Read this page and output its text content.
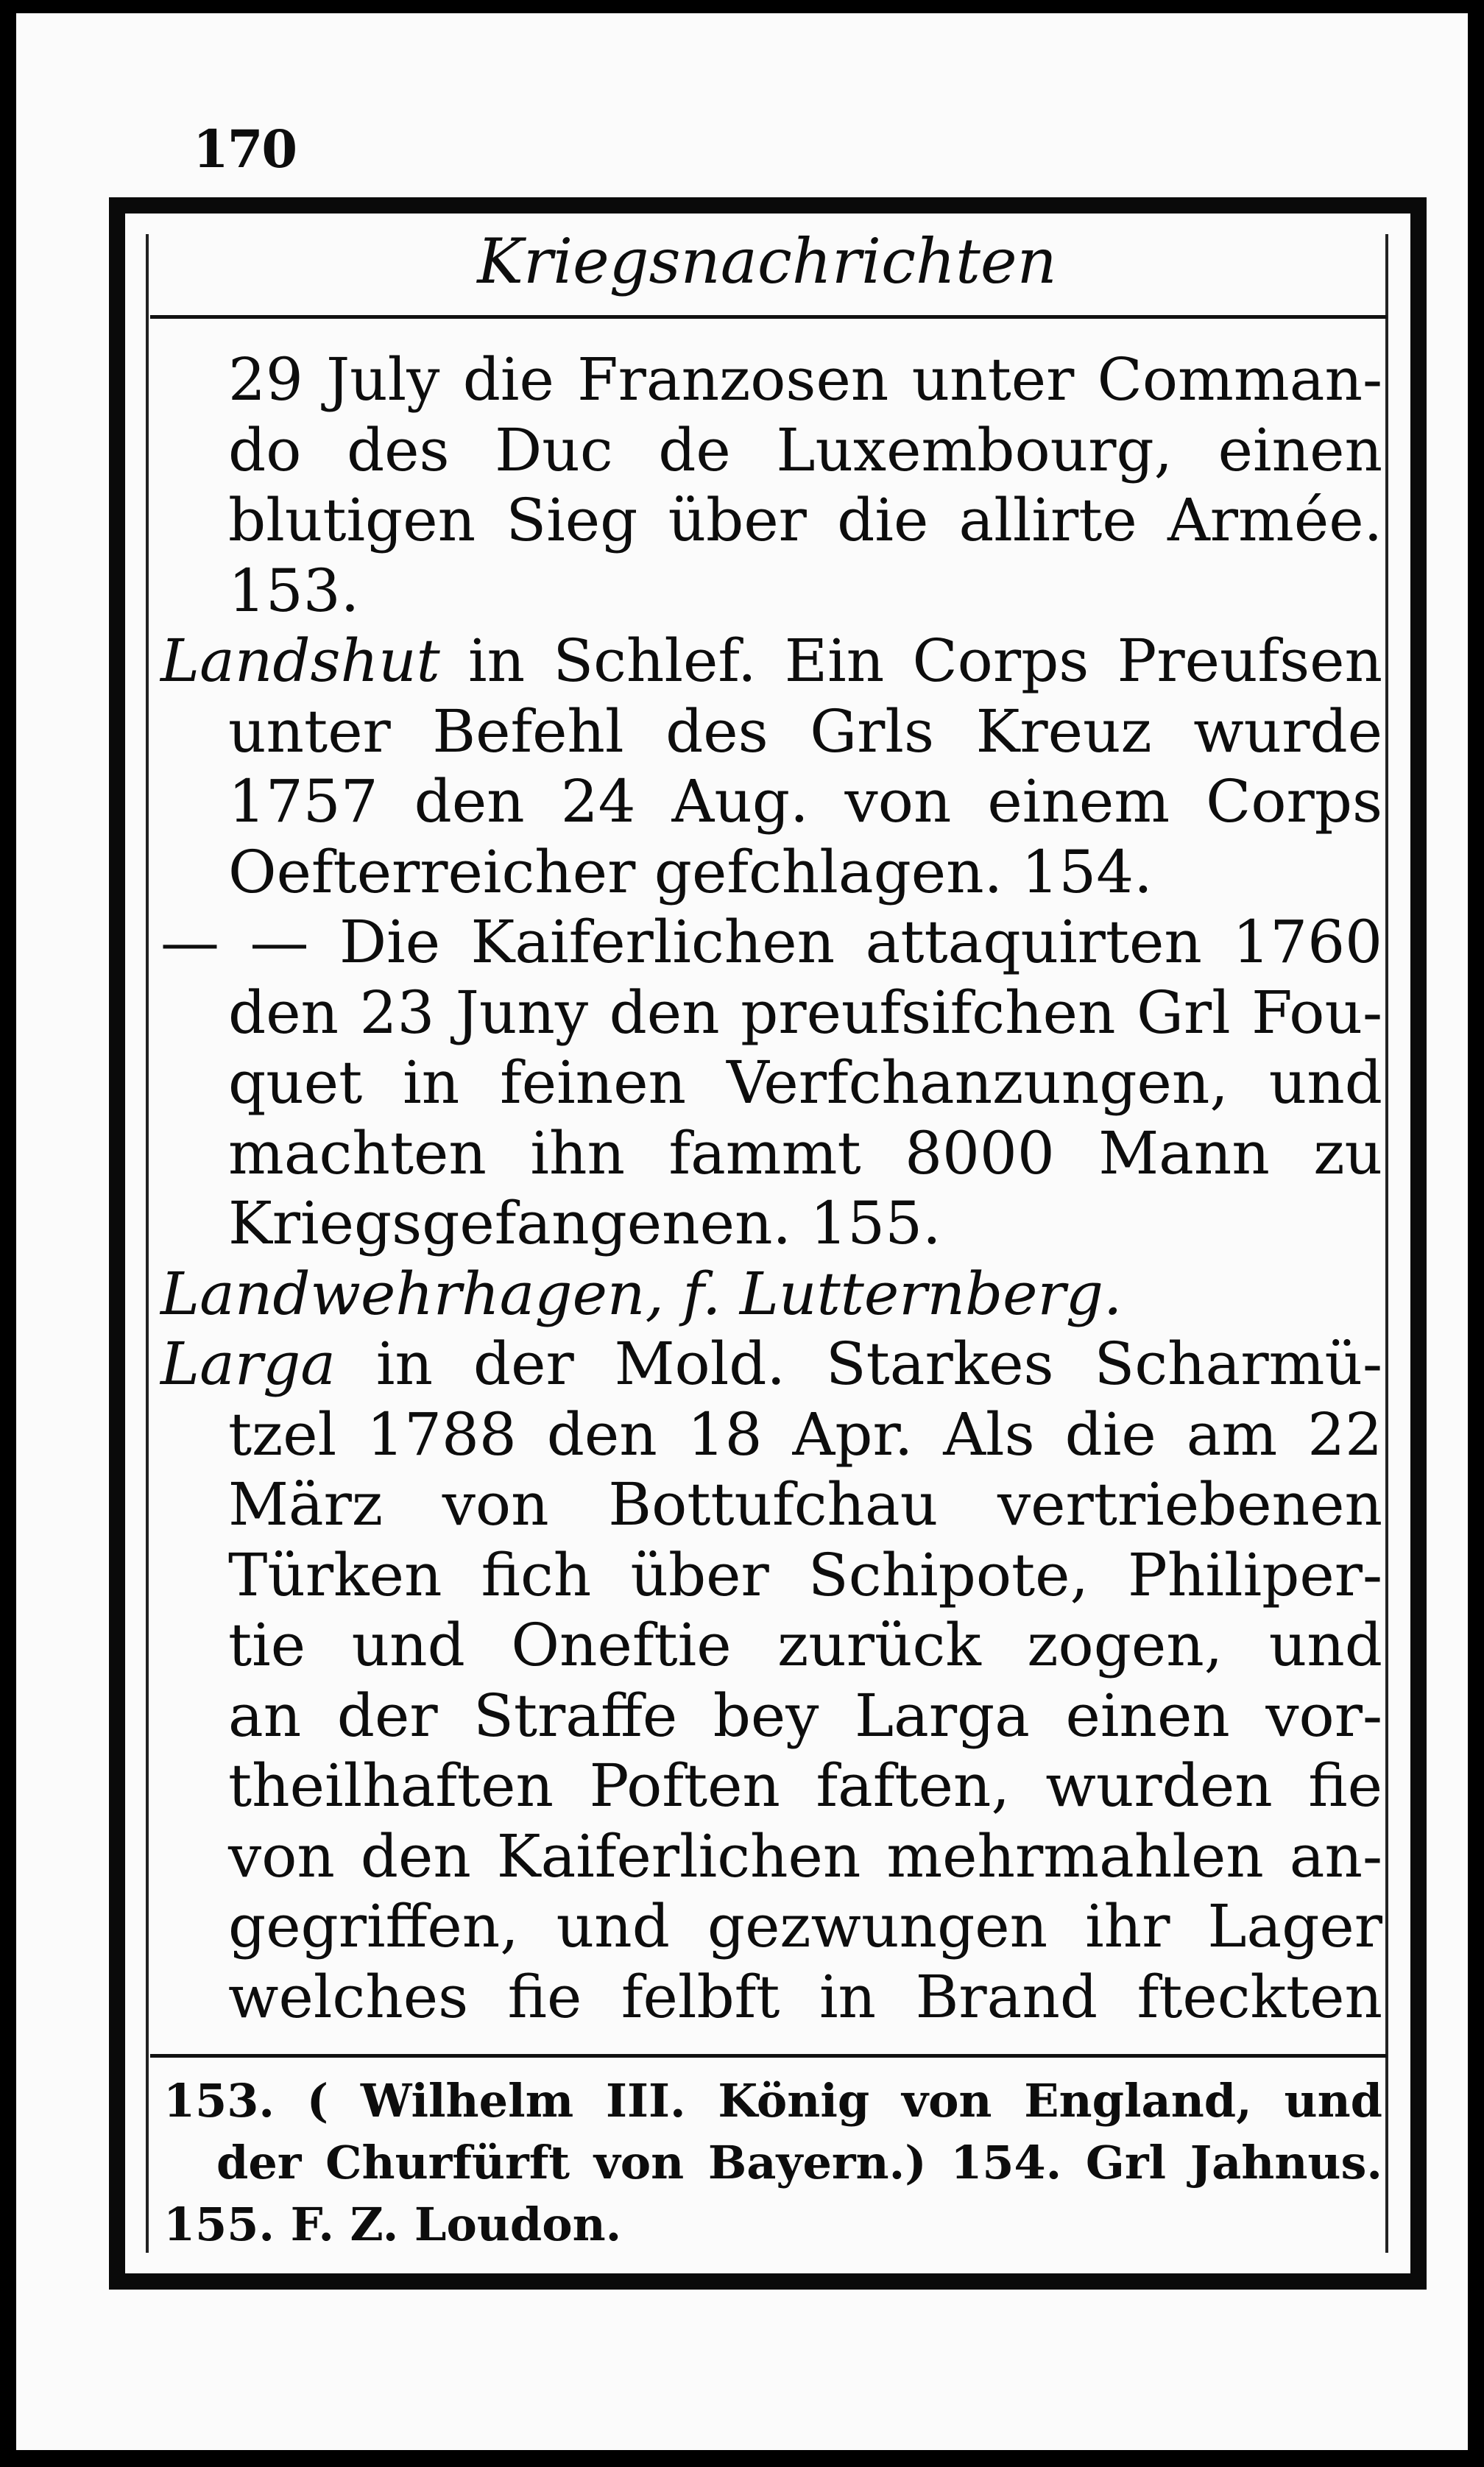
170
Kriegsnachrichten
29 July die Franzosen unter Comman-
do des Duc de Luxembourg, einen
blutigen Sieg über die allirte Armée.
153.
Landshut in Schlef. Ein Corps Preufsen
unter Befehl des Grls Kreuz wurde
1757 den 24 Aug. von einem Corps
Oefterreicher gefchlagen. 154.
— — Die Kaiferlichen attaquirten 1760
den 23 Juny den preufsifchen Grl Fou-
quet in feinen Verfchanzungen, und
machten ihn fammt 8000 Mann zu
Kriegsgefangenen. 155.
Landwehrhagen, f. Lutternberg.
Larga in der Mold. Starkes Scharmü-
tzel 1788 den 18 Apr. Als die am 22
März von Bottufchau vertriebenen
Türken fich über Schipote, Philiper-
tie und Oneftie zurück zogen, und
an der Straffe bey Larga einen vor-
theilhaften Poften faften, wurden fie
von den Kaiferlichen mehrmahlen an-
gegriffen, und gezwungen ihr Lager
welches fie felbft in Brand fteckten
153. ( Wilhelm III. König von England, und
der Churfürft von Bayern.) 154. Grl Jahnus.
155. F. Z. Loudon.
